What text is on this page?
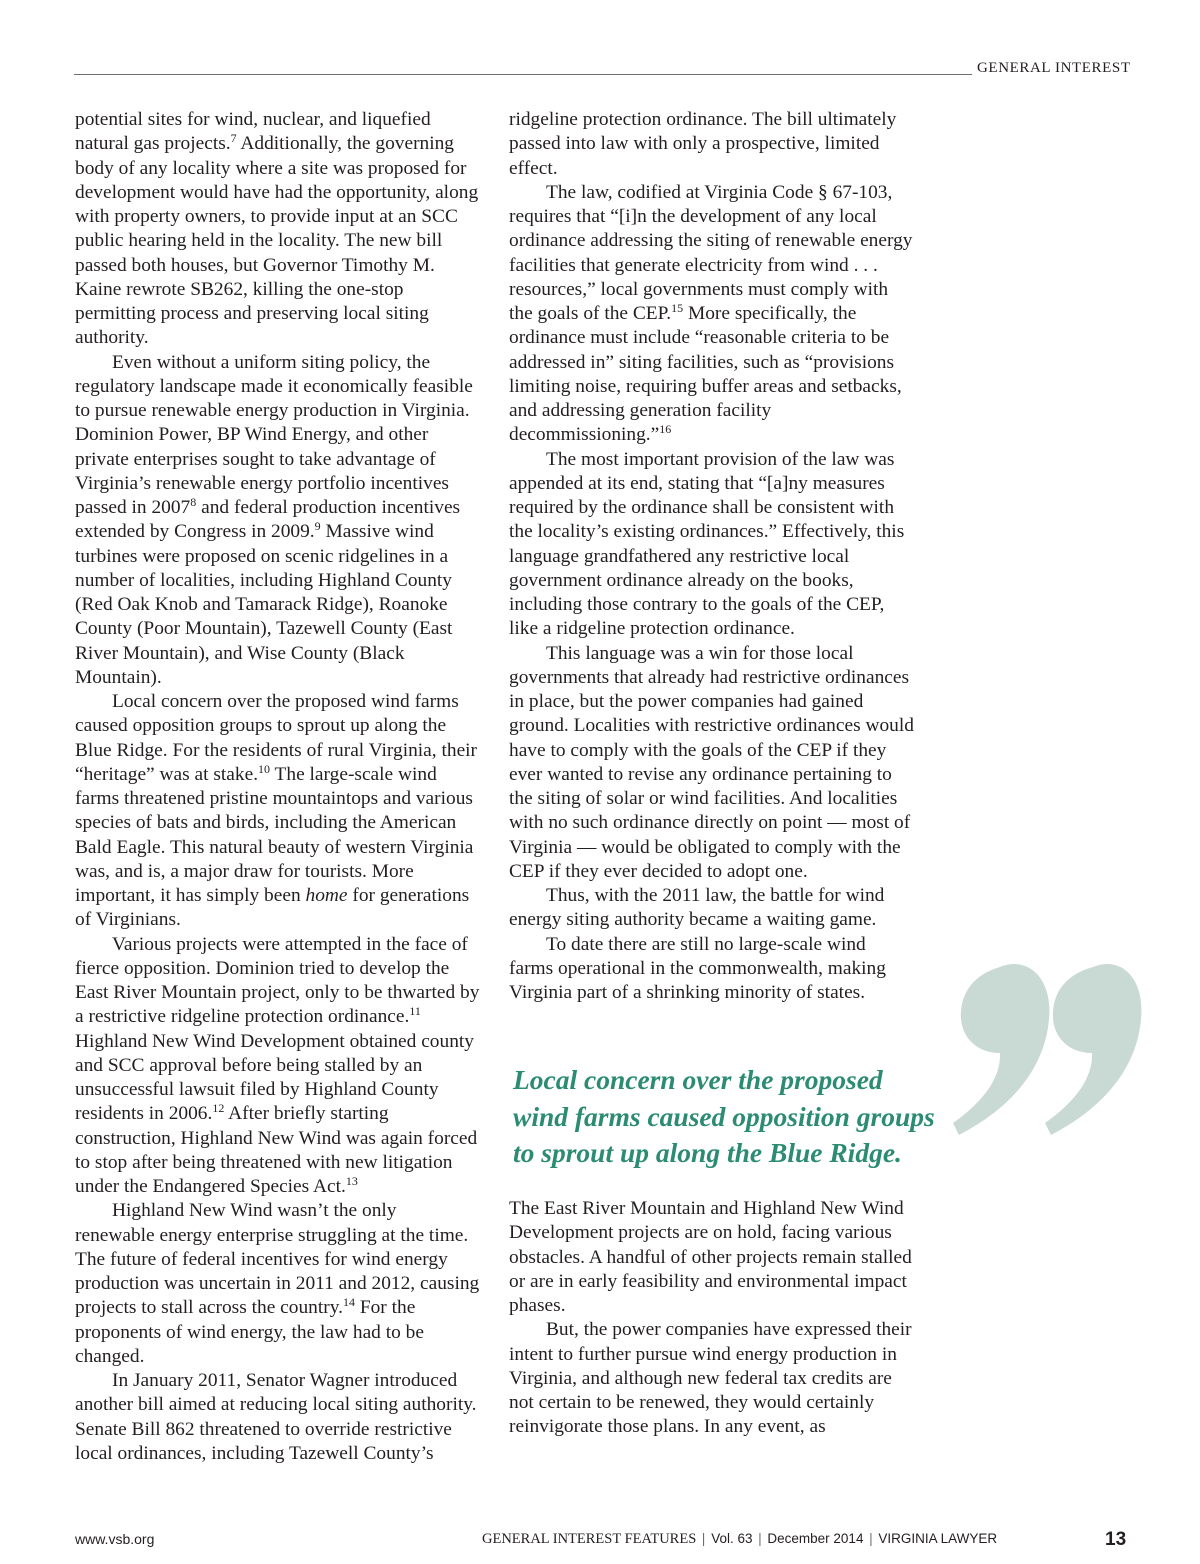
GENERAL INTEREST

potential sites for wind, nuclear, and liquefied natural gas projects.$^7$ Additionally, the governing body of any locality where a site was proposed for development would have had the opportunity, along with property owners, to provide input at an SCC public hearing held in the locality. The new bill passed both houses, but Governor Timothy M. Kaine rewrote SB262, killing the one-stop permitting process and preserving local siting authority.

Even without a uniform siting policy, the regulatory landscape made it economically feasible to pursue renewable energy production in Virginia. Dominion Power, BP Wind Energy, and other private enterprises sought to take advantage of Virginia’s renewable energy portfolio incentives passed in 2007$^8$ and federal production incentives extended by Congress in 2009.$^9$ Massive wind turbines were proposed on scenic ridgelines in a number of localities, including Highland County (Red Oak Knob and Tamarack Ridge), Roanoke County (Poor Mountain), Tazewell County (East River Mountain), and Wise County (Black Mountain).

Local concern over the proposed wind farms caused opposition groups to sprout up along the Blue Ridge. For the residents of rural Virginia, their “heritage” was at stake.$^{10}$ The large-scale wind farms threatened pristine mountaintops and various species of bats and birds, including the American Bald Eagle. This natural beauty of western Virginia was, and is, a major draw for tourists. More important, it has simply been home for generations of Virginians.

Various projects were attempted in the face of fierce opposition. Dominion tried to develop the East River Mountain project, only to be thwarted by a restrictive ridgeline protection ordinance.$^{11}$ Highland New Wind Development obtained county and SCC approval before being stalled by an unsuccessful lawsuit filed by Highland County residents in 2006.12 After briefly starting construction, Highland New Wind was again forced to stop after being threatened with new litigation under the Endangered Species Act.$^{13}$

Highland New Wind wasn’t the only renewable energy enterprise struggling at the time. The future of federal incentives for wind energy production was uncertain in 2011 and 2012, causing projects to stall across the country.$^{14}$ For the proponents of wind energy, the law had to be changed.

In January 2011, Senator Wagner introduced another bill aimed at reducing local siting authority. Senate Bill 862 threatened to override restrictive local ordinances, including Tazewell County’s

ridgeline protection ordinance. The bill ultimately passed into law with only a prospective, limited effect.

The law, codified at Virginia Code § 67-103, requires that “[i]n the development of any local ordinance addressing the siting of renewable energy facilities that generate electricity from wind . . . resources,” local governments must comply with the goals of the CEP.$^{15}$ More specifically, the ordinance must include “reasonable criteria to be addressed in” siting facilities, such as “provisions limiting noise, requiring buffer areas and setbacks, and addressing generation facility decommissioning.”$^{16}$

The most important provision of the law was appended at its end, stating that “[a]ny measures required by the ordinance shall be consistent with the locality’s existing ordinances.” Effectively, this language grandfathered any restrictive local government ordinance already on the books, including those contrary to the goals of the CEP, like a ridgeline protection ordinance.

This language was a win for those local governments that already had restrictive ordinances in place, but the power companies had gained ground. Localities with restrictive ordinances would have to comply with the goals of the CEP if they ever wanted to revise any ordinance pertaining to the siting of solar or wind facilities. And localities with no such ordinance directly on point — most of Virginia — would be obligated to comply with the CEP if they ever decided to adopt one.

Thus, with the 2011 law, the battle for wind energy siting authority became a waiting game.

To date there are still no large-scale wind farms operational in the commonwealth, making Virginia part of a shrinking minority of states.

Local concern over the proposed wind farms caused opposition groups to sprout up along the Blue Ridge.

The East River Mountain and Highland New Wind Development projects are on hold, facing various obstacles. A handful of other projects remain stalled or are in early feasibility and environmental impact phases.

But, the power companies have expressed their intent to further pursue wind energy production in Virginia, and although new federal tax credits are not certain to be renewed, they would certainly reinvigorate those plans. In any event, as

www.vsb.org	GENERAL INTEREST FEATURES | Vol. 63 | December 2014 | VIRGINIA LAWYER	13
